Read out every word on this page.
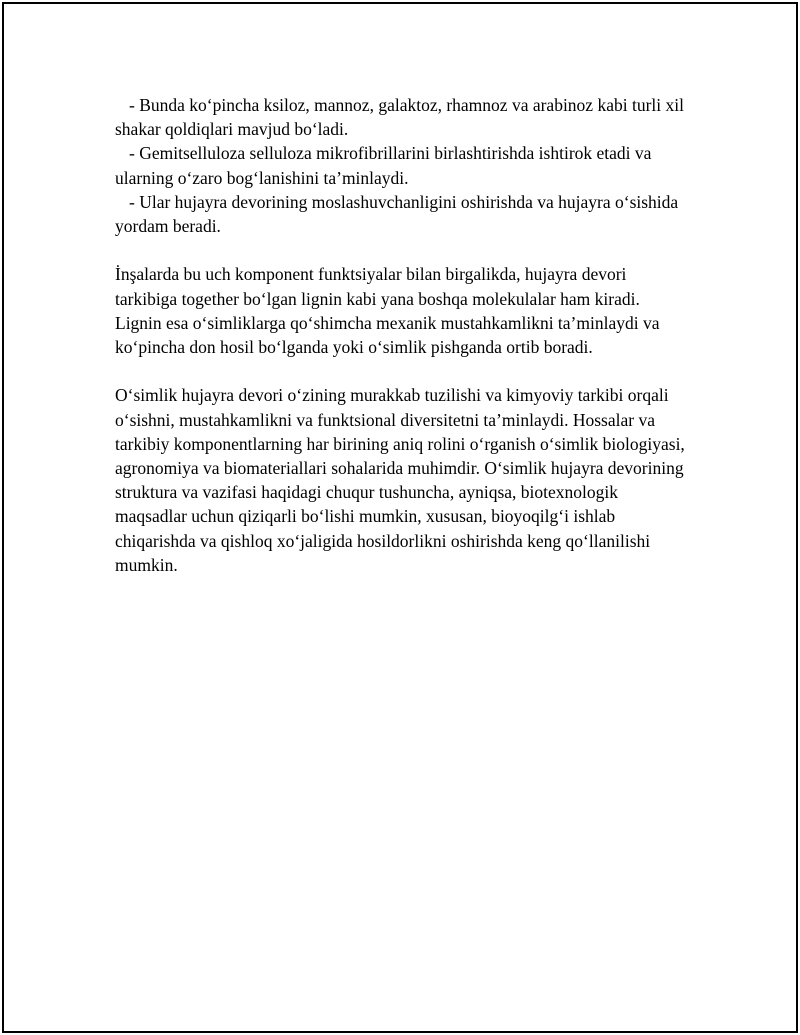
- Bunda koʻpincha ksiloz, mannoz, galaktoz, rhamnoz va arabinoz kabi turli xil shakar qoldiqlari mavjud boʻladi.

- Gemitselluloza selluloza mikrofibrillarini birlashtirishda ishtirok etadi va ularning oʻzaro bogʻlanishini taʼminlaydi.

- Ular hujayra devorining moslashuvchanligini oshirishda va hujayra oʻsishida yordam beradi.

İnşalarda bu uch komponent funktsiyalar bilan birgalikda, hujayra devori tarkibiga together boʻlgan lignin kabi yana boshqa molekulalar ham kiradi. Lignin esa oʻsimliklarga qoʻshimcha mexanik mustahkamlikni taʼminlaydi va koʻpincha don hosil boʻlganda yoki oʻsimlik pishganda ortib boradi.

Oʻsimlik hujayra devori oʻzining murakkab tuzilishi va kimyoviy tarkibi orqali oʻsishni, mustahkamlikni va funktsional diversitetni taʼminlaydi. Hossalar va tarkibiy komponentlarning har birining aniq rolini oʻrganish oʻsimlik biologiyasi, agronomiya va biomateriallari sohalarida muhimdir. Oʻsimlik hujayra devorining struktura va vazifasi haqidagi chuqur tushuncha, ayniqsa, biotexnologik maqsadlar uchun qiziqarli boʻlishi mumkin, xususan, bioyoqilgʻi ishlab chiqarishda va qishloq xoʻjaligida hosildorlikni oshirishda keng qoʻllanilishi mumkin.
